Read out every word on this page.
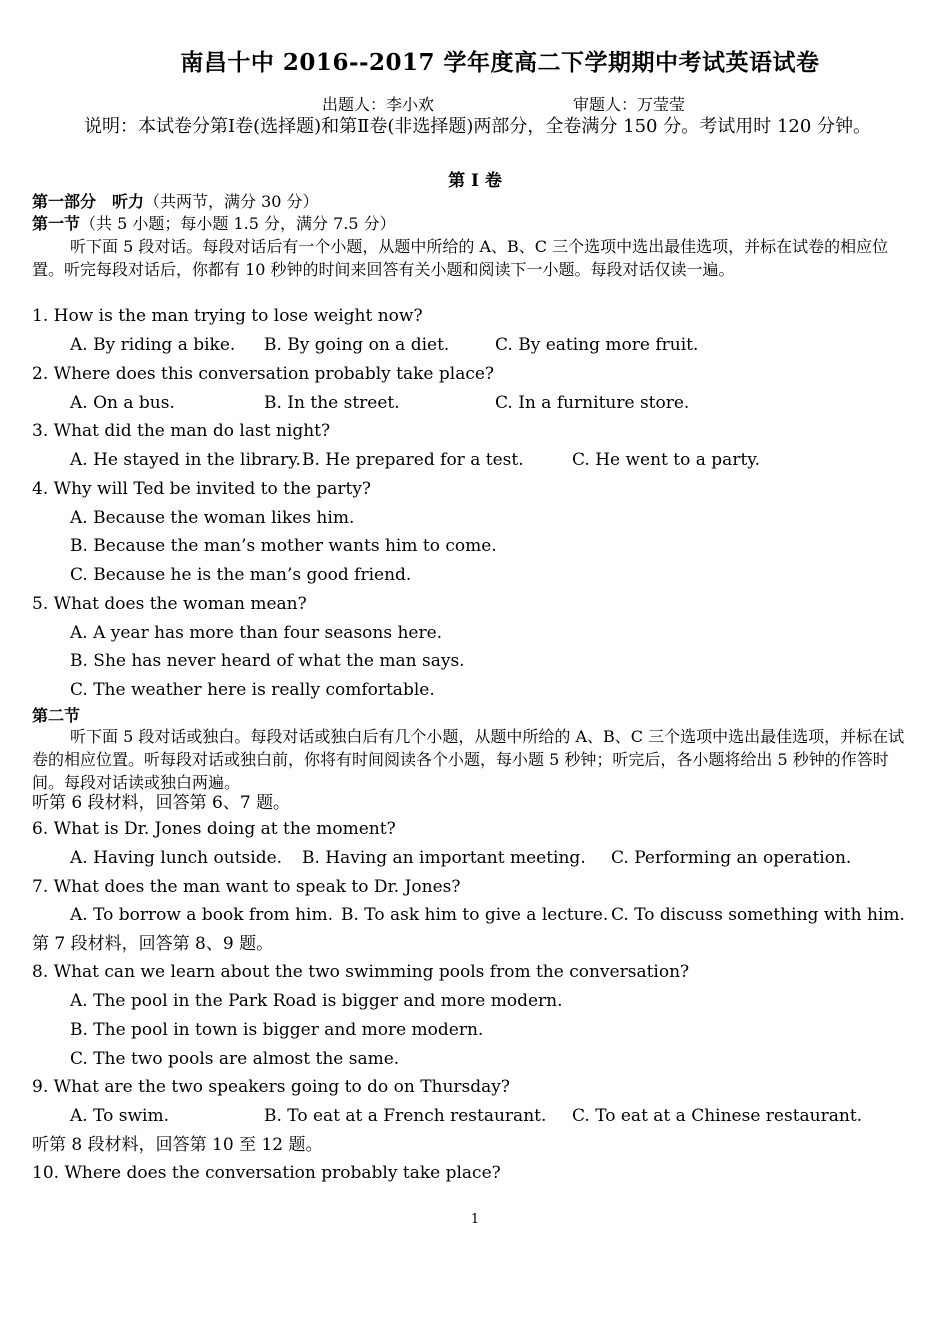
南昌十中 2016--2017 学年度高二下学期期中考试英语试卷
出题人：李小欢	审题人：万莹莹
说明：本试卷分第Ⅰ卷(选择题)和第Ⅱ卷(非选择题)两部分，全卷满分 150 分。考试用时 120 分钟。
第 I 卷
第一部分　听力（共两节，满分 30 分）
第一节（共 5 小题；每小题 1.5 分，满分 7.5 分）
听下面 5 段对话。每段对话后有一个小题，从题中所给的 A、B、C 三个选项中选出最佳选项，并标在试卷的相应位置。听完每段对话后，你都有 10 秒钟的时间来回答有关小题和阅读下一小题。每段对话仅读一遍。
1. How is the man trying to lose weight now?
A. By riding a bike. B. By going on a diet.	C. By eating more fruit.
2. Where does this conversation probably take place?
A. On a bus.	B. In the street.	C. In a furniture store.
3. What did the man do last night?
A. He stayed in the library. B. He prepared for a test.	C. He went to a party.
4. Why will Ted be invited to the party?
A. Because the woman likes him.
B. Because the man’s mother wants him to come.
C. Because he is the man’s good friend.
5. What does the woman mean?
A. A year has more than four seasons here.
B. She has never heard of what the man says.
C. The weather here is really comfortable.
第二节
听下面 5 段对话或独白。每段对话或独白后有几个小题，从题中所给的 A、B、C 三个选项中选出最佳选项，并标在试卷的相应位置。听每段对话或独白前，你将有时间阅读各个小题，每小题 5 秒钟；听完后，各小题将给出 5 秒钟的作答时间。每段对话读或独白两遍。
听第 6 段材料，回答第 6、7 题。
6. What is Dr. Jones doing at the moment?
A. Having lunch outside. B. Having an important meeting. C. Performing an operation.
7. What does the man want to speak to Dr. Jones?
A. To borrow a book from him. B. To ask him to give a lecture. C. To discuss something with him.
第 7 段材料，回答第 8、9 题。
8. What can we learn about the two swimming pools from the conversation?
A. The pool in the Park Road is bigger and more modern.
B. The pool in town is bigger and more modern.
C. The two pools are almost the same.
9. What are the two speakers going to do on Thursday?
A. To swim.	B. To eat at a French restaurant. C. To eat at a Chinese restaurant.
听第 8 段材料，回答第 10 至 12 题。
10. Where does the conversation probably take place?
1
